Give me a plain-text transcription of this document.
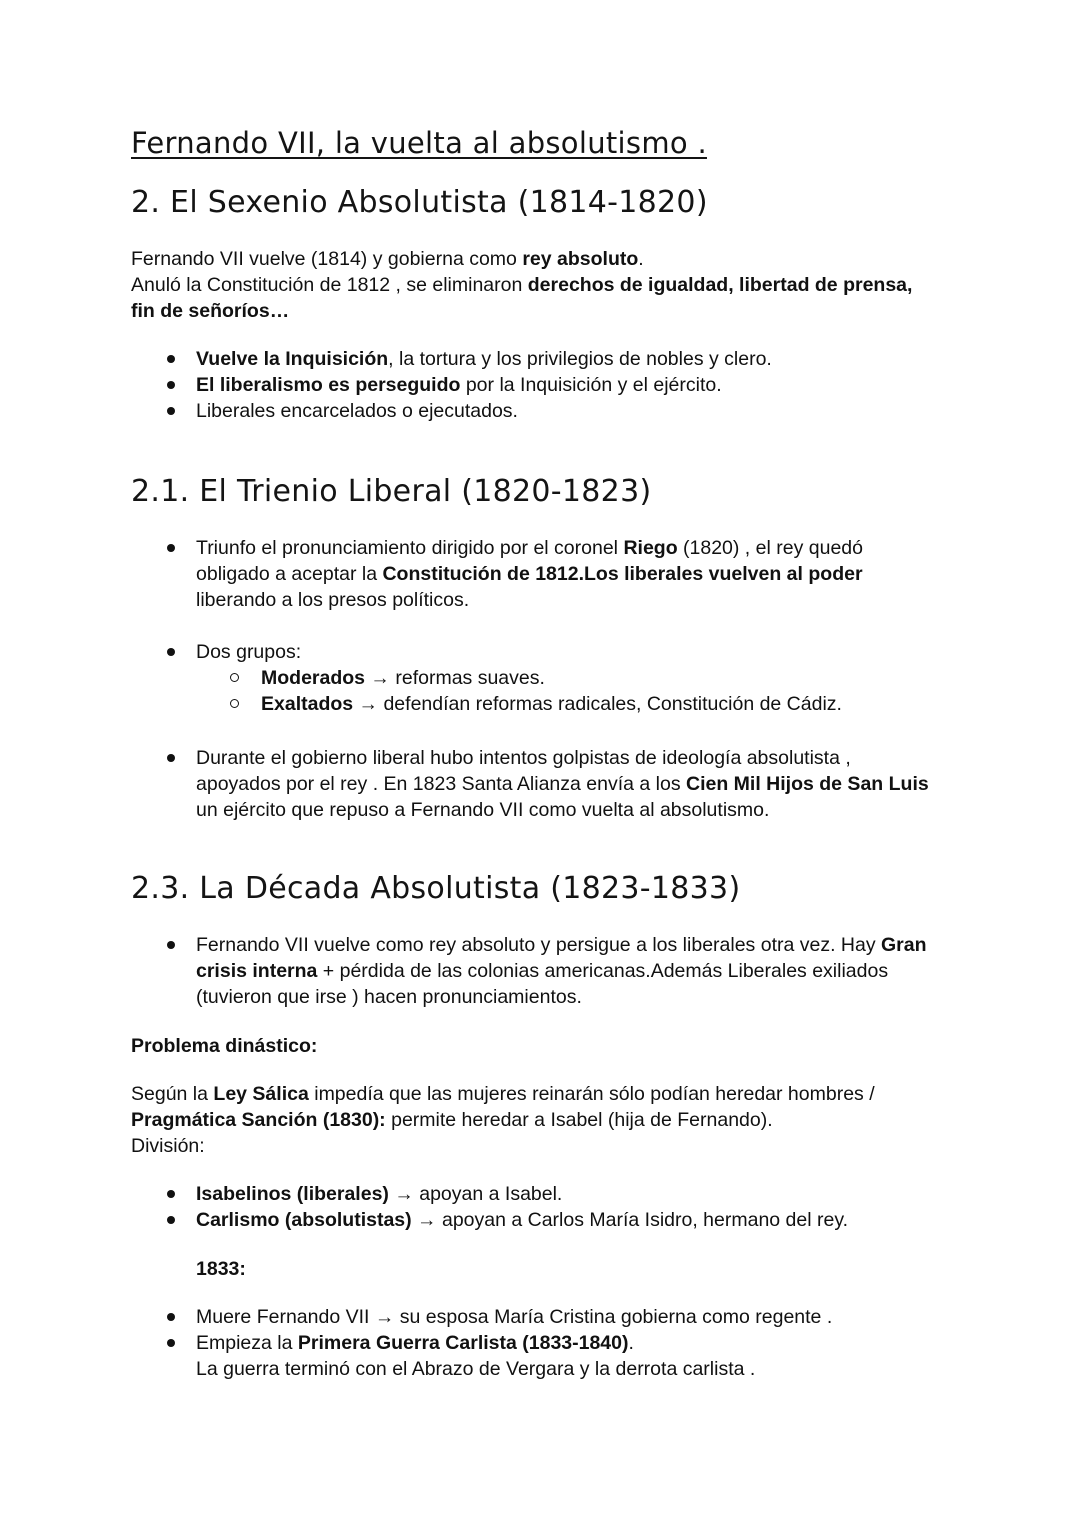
Fernando VII, la vuelta al absolutismo .
2. El Sexenio Absolutista (1814-1820)
Fernando VII vuelve (1814) y gobierna como rey absoluto.
Anuló la Constitución de 1812 , se eliminaron derechos de igualdad, libertad de prensa,
fin de señoríos…
Vuelve la Inquisición, la tortura y los privilegios de nobles y clero.
El liberalismo es perseguido por la Inquisición y el ejército.
Liberales encarcelados o ejecutados.
2.1. El Trienio Liberal (1820-1823)
Triunfo el pronunciamiento dirigido por el coronel Riego (1820) , el rey quedó
obligado a aceptar la Constitución de 1812.Los liberales vuelven al poder
liberando a los presos políticos.
Dos grupos:
Moderados → reformas suaves.
Exaltados → defendían reformas radicales, Constitución de Cádiz.
Durante el gobierno liberal hubo intentos golpistas de ideología absolutista ,
apoyados por el rey . En 1823 Santa Alianza envía a los Cien Mil Hijos de San Luis
un ejército que repuso a Fernando VII como vuelta al absolutismo.
2.3. La Década Absolutista (1823-1833)
Fernando VII vuelve como rey absoluto y persigue a los liberales otra vez. Hay Gran
crisis interna + pérdida de las colonias americanas.Además Liberales exiliados
(tuvieron que irse ) hacen pronunciamientos.
Problema dinástico:
Según la Ley Sálica impedía que las mujeres reinarán sólo podían heredar hombres /
Pragmática Sanción (1830): permite heredar a Isabel (hija de Fernando).
División:
Isabelinos (liberales) → apoyan a Isabel.
Carlismo (absolutistas) → apoyan a Carlos María Isidro, hermano del rey.
1833:
Muere Fernando VII → su esposa María Cristina gobierna como regente .
Empieza la Primera Guerra Carlista (1833-1840).
La guerra terminó con el Abrazo de Vergara y la derrota carlista .
